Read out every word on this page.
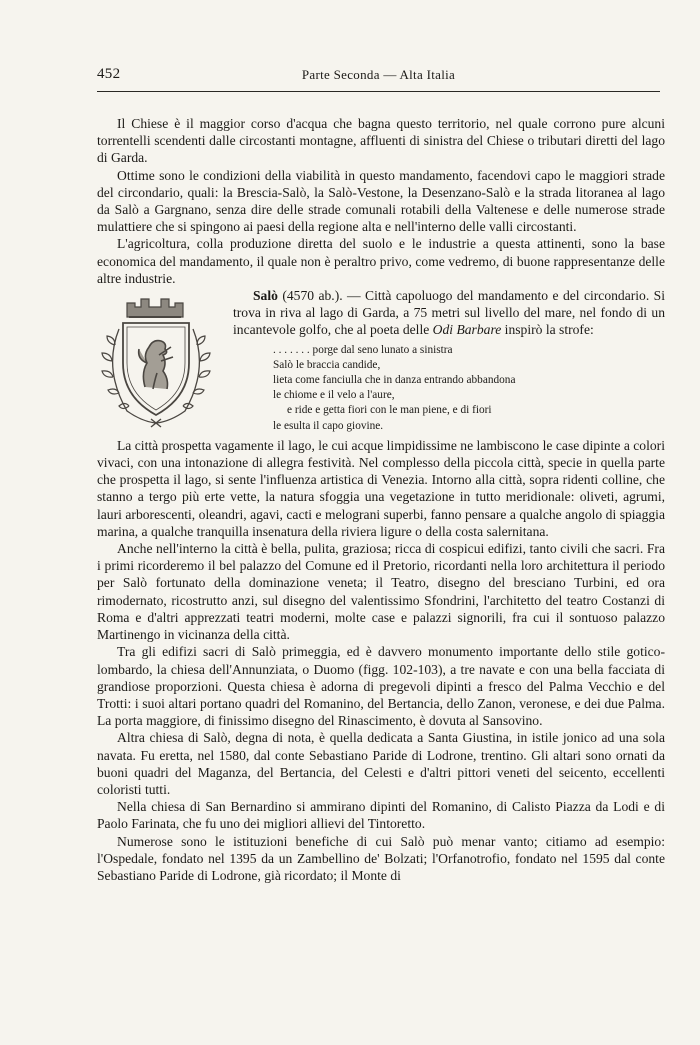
452	Parte Seconda — Alta Italia

Il Chiese è il maggior corso d'acqua che bagna questo territorio, nel quale corrono pure alcuni torrentelli scendenti dalle circostanti montagne, affluenti di sinistra del Chiese o tributari diretti del lago di Garda.

Ottime sono le condizioni della viabilità in questo mandamento, facendovi capo le maggiori strade del circondario, quali: la Brescia-Salò, la Salò-Vestone, la Desenzano-Salò e la strada litoranea al lago da Salò a Gargnano, senza dire delle strade comunali rotabili della Valtenese e delle numerose strade mulattiere che si spingono ai paesi della regione alta e nell'interno delle valli circostanti.

L'agricoltura, colla produzione diretta del suolo e le industrie a questa attinenti, sono la base economica del mandamento, il quale non è peraltro privo, come vedremo, di buone rappresentanze delle altre industrie.

Salò (4570 ab.). — Città capoluogo del mandamento e del circondario. Si trova in riva al lago di Garda, a 75 metri sul livello del mare, nel fondo di un incantevole golfo, che al poeta delle Odi Barbare inspirò la strofe:

. . . . . . . porge dal seno lunato a sinistra
Salò le braccia candide,
lieta come fanciulla che in danza entrando abbandona
le chiome e il velo a l'aure,
e ride e getta fiori con le man piene, e di fiori
le esulta il capo giovine.

La città prospetta vagamente il lago, le cui acque limpidissime ne lambiscono le case dipinte a colori vivaci, con una intonazione di allegra festività. Nel complesso della piccola città, specie in quella parte che prospetta il lago, si sente l'influenza artistica di Venezia. Intorno alla città, sopra ridenti colline, che stanno a tergo più erte vette, la natura sfoggia una vegetazione in tutto meridionale: oliveti, agrumi, lauri arborescenti, oleandri, agavi, cacti e melograni superbi, fanno pensare a qualche angolo di spiaggia marina, a qualche tranquilla insenatura della riviera ligure o della costa salernitana.

Anche nell'interno la città è bella, pulita, graziosa; ricca di cospicui edifizi, tanto civili che sacri. Fra i primi ricorderemo il bel palazzo del Comune ed il Pretorio, ricordanti nella loro architettura il periodo per Salò fortunato della dominazione veneta; il Teatro, disegno del bresciano Turbini, ed ora rimodernato, ricostrutto anzi, sul disegno del valentissimo Sfondrini, l'architetto del teatro Costanzi di Roma e d'altri apprezzati teatri moderni, molte case e palazzi signorili, fra cui il sontuoso palazzo Martinengo in vicinanza della città.

Tra gli edifizi sacri di Salò primeggia, ed è davvero monumento importante dello stile gotico-lombardo, la chiesa dell'Annunziata, o Duomo (figg. 102-103), a tre navate e con una bella facciata di grandiose proporzioni. Questa chiesa è adorna di pregevoli dipinti a fresco del Palma Vecchio e del Trotti: i suoi altari portano quadri del Romanino, del Bertancia, dello Zanon, veronese, e dei due Palma. La porta maggiore, di finissimo disegno del Rinascimento, è dovuta al Sansovino.

Altra chiesa di Salò, degna di nota, è quella dedicata a Santa Giustina, in istile jonico ad una sola navata. Fu eretta, nel 1580, dal conte Sebastiano Paride di Lodrone, trentino. Gli altari sono ornati da buoni quadri del Maganza, del Bertancia, del Celesti e d'altri pittori veneti del seicento, eccellenti coloristi tutti.

Nella chiesa di San Bernardino si ammirano dipinti del Romanino, di Calisto Piazza da Lodi e di Paolo Farinata, che fu uno dei migliori allievi del Tintoretto.

Numerose sono le istituzioni benefiche di cui Salò può menar vanto; citiamo ad esempio: l'Ospedale, fondato nel 1395 da un Zambellino de' Bolzati; l'Orfanotrofio, fondato nel 1595 dal conte Sebastiano Paride di Lodrone, già ricordato; il Monte di
